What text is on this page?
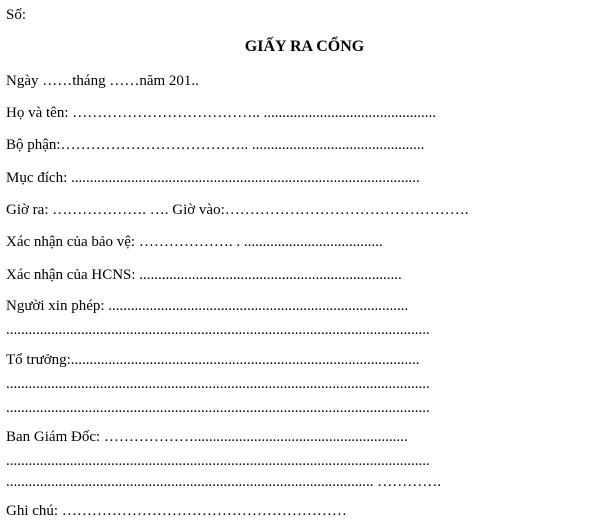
Số:
GIẤY RA CỔNG
Ngày ……tháng ……năm 201..
Họ và tên: ……………………………….. ..............................................
Bộ phận:……………………………….. ..............................................
Mục đích: .............................................................................................
Giờ ra: ………………. …. Giờ vào:………………………………………….
Xác nhận của bảo vệ: ………………. . .....................................
Xác nhận của HCNS: ......................................................................
Người xin phép: ................................................................................
.................................................................................................................
Tổ trưởng:.............................................................................................
.................................................................................................................
.................................................................................................................
Ban Giám Đốc: ……………….........................................................
.................................................................................................................
.................................................................................................. ………….
Ghi chú: …………………………………………………
